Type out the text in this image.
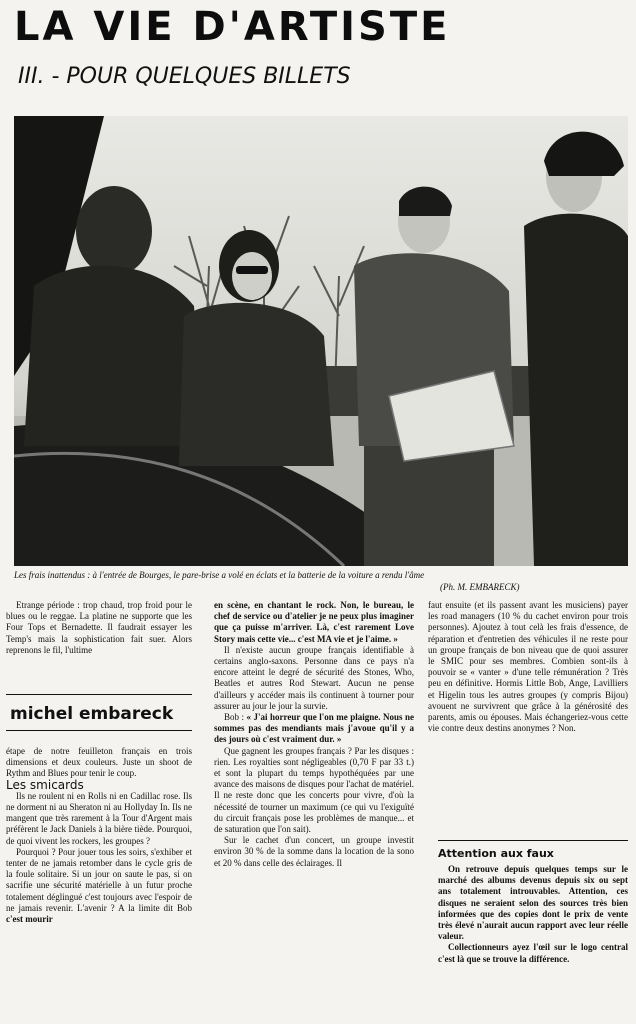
LA VIE D'ARTISTE
III. - POUR QUELQUES BILLETS
Les frais inattendus : à l'entrée de Bourges, le pare-brise a volé en éclats et la batterie de la voiture a rendu l'âme
(Ph. M. EMBARECK)

Etrange période : trop chaud, trop froid pour le blues ou le reggae. La platine ne supporte que les Four Tops et Bernadette. Il faudrait essayer les Temp's mais la sophistication fait suer. Alors reprenons le fil, l'ultime

michel embareck

étape de notre feuilleton français en trois dimensions et deux couleurs. Juste un shoot de Rythm and Blues pour tenir le coup.

Les smicards

Ils ne roulent ni en Rolls ni en Cadillac rose. Ils ne dorment ni au Sheraton ni au Hollyday In. Ils ne mangent que très rarement à la Tour d'Argent mais préfèrent le Jack Daniels à la bière tiède. Pourquoi, de quoi vivent les rockers, les groupes ?

Pourquoi ? Pour jouer tous les soirs, s'exhiber et tenter de ne jamais retomber dans le cycle gris de la foule solitaire. Si un jour on saute le pas, si on sacrifie une sécurité matérielle à un futur proche totalement déglingué c'est toujours avec l'espoir de ne jamais revenir. L'avenir ? A la limite dit Bob c'est mourir

en scène, en chantant le rock. Non, le bureau, le chef de service ou d'atelier je ne peux plus imaginer que ça puisse m'arriver. Là, c'est rarement Love Story mais cette vie... c'est MA vie et je l'aime. »

Il n'existe aucun groupe français identifiable à certains anglo-saxons. Personne dans ce pays n'a encore atteint le degré de sécurité des Stones, Who, Beatles et autres Rod Stewart. Aucun ne pense d'ailleurs y accéder mais ils continuent à tourner pour assurer au jour le jour la survie.

Bob : « J'ai horreur que l'on me plaigne. Nous ne sommes pas des mendiants mais j'avoue qu'il y a des jours où c'est vraiment dur. »

Que gagnent les groupes français ? Par les disques : rien. Les royalties sont négligeables (0,70 F par 33 t.) et sont la plupart du temps hypothéquées par une avance des maisons de disques pour l'achat de matériel. Il ne reste donc que les concerts pour vivre, d'où la nécessité de tourner un maximum (ce qui vu l'exiguïté du circuit français pose les problèmes de manque... et de saturation que l'on sait).

Sur le cachet d'un concert, un groupe investit environ 30 % de la somme dans la location de la sono et 20 % dans celle des éclairages. Il

faut ensuite (et ils passent avant les musiciens) payer les road managers (10 % du cachet environ pour trois personnes). Ajoutez à tout celà les frais d'essence, de réparation et d'entretien des véhicules il ne reste pour un groupe français de bon niveau que de quoi assurer le SMIC pour ses membres. Combien sont-ils à pouvoir se « vanter » d'une telle rémunération ? Très peu en définitive. Hormis Little Bob, Ange, Lavilliers et Higelin tous les autres groupes (y compris Bijou) avouent ne survivrent que grâce à la générosité des parents, amis ou épouses. Mais échangeriez-vous cette vie contre deux destins anonymes ? Non.

Attention aux faux

On retrouve depuis quelques temps sur le marché des albums devenus depuis six ou sept ans totalement introuvables. Attention, ces disques ne seraient selon des sources très bien informées que des copies dont le prix de vente très élevé n'aurait aucun rapport avec leur réelle valeur.

Collectionneurs ayez l'œil sur le logo central c'est là que se trouve la différence.
